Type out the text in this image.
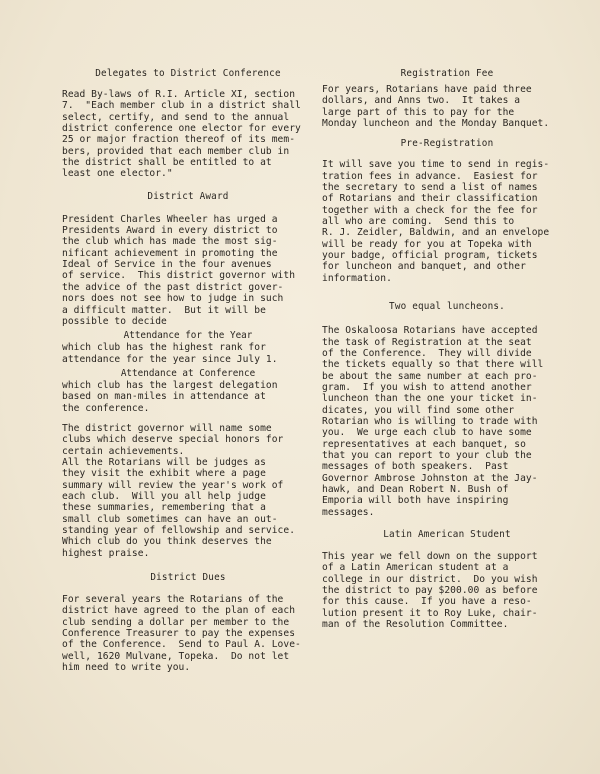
Delegates to District Conference

Read By-laws of R.I. Article XI, section
7.  "Each member club in a district shall
select, certify, and send to the annual
district conference one elector for every
25 or major fraction thereof of its mem-
bers, provided that each member club in
the district shall be entitled to at
least one elector."

District Award

President Charles Wheeler has urged a
Presidents Award in every district to
the club which has made the most sig-
nificant achievement in promoting the
Ideal of Service in the four avenues
of service.  This district governor with
the advice of the past district gover-
nors does not see how to judge in such
a difficult matter.  But it will be
possible to decide

Attendance for the Year

which club has the highest rank for
attendance for the year since July 1.

Attendance at Conference

which club has the largest delegation
based on man-miles in attendance at
the conference.

The district governor will name some
clubs which deserve special honors for
certain achievements.
All the Rotarians will be judges as
they visit the exhibit where a page
summary will review the year's work of
each club.  Will you all help judge
these summaries, remembering that a
small club sometimes can have an out-
standing year of fellowship and service.
Which club do you think deserves the
highest praise.

District Dues

For several years the Rotarians of the
district have agreed to the plan of each
club sending a dollar per member to the
Conference Treasurer to pay the expenses
of the Conference.  Send to Paul A. Love-
well, 1620 Mulvane, Topeka.  Do not let
him need to write you.

Registration Fee

For years, Rotarians have paid three
dollars, and Anns two.  It takes a
large part of this to pay for the
Monday luncheon and the Monday Banquet.

Pre-Registration

It will save you time to send in regis-
tration fees in advance.  Easiest for
the secretary to send a list of names
of Rotarians and their classification
together with a check for the fee for
all who are coming.  Send this to
R. J. Zeidler, Baldwin, and an envelope
will be ready for you at Topeka with
your badge, official program, tickets
for luncheon and banquet, and other
information.

Two equal luncheons.

The Oskaloosa Rotarians have accepted
the task of Registration at the seat
of the Conference.  They will divide
the tickets equally so that there will
be about the same number at each pro-
gram.  If you wish to attend another
luncheon than the one your ticket in-
dicates, you will find some other
Rotarian who is willing to trade with
you.  We urge each club to have some
representatives at each banquet, so
that you can report to your club the
messages of both speakers.  Past
Governor Ambrose Johnston at the Jay-
hawk, and Dean Robert N. Bush of
Emporia will both have inspiring
messages.

Latin American Student

This year we fell down on the support
of a Latin American student at a
college in our district.  Do you wish
the district to pay $200.00 as before
for this cause.  If you have a reso-
lution present it to Roy Luke, chair-
man of the Resolution Committee.
